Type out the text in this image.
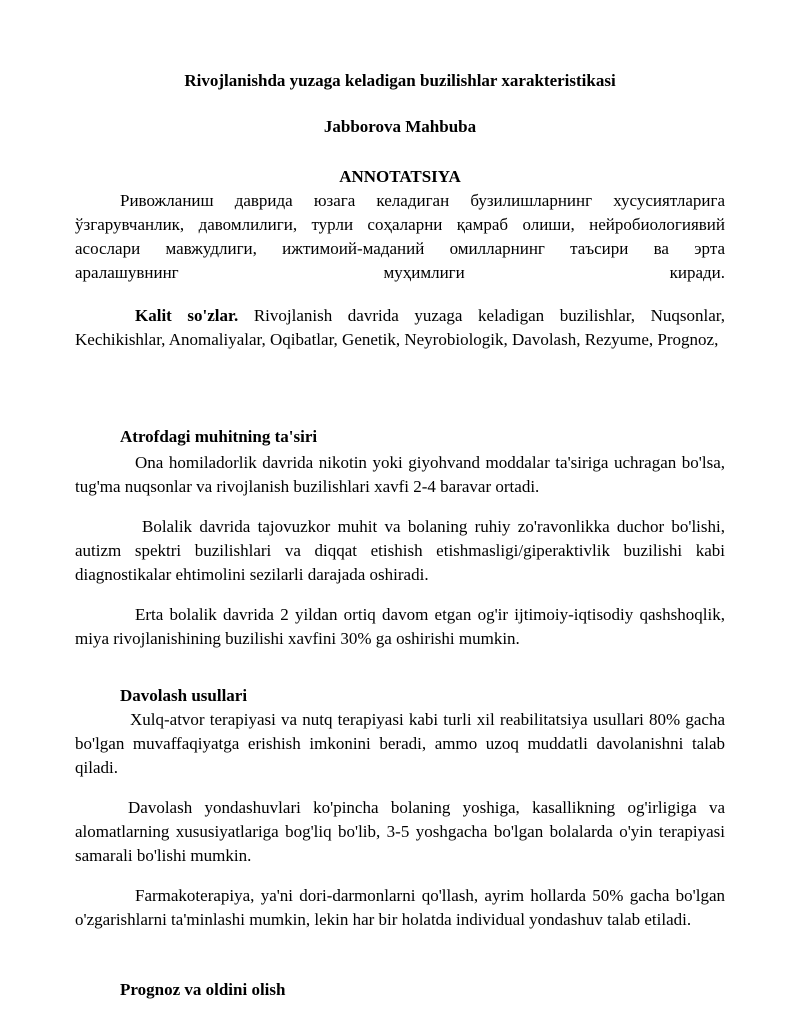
Rivojlanishda yuzaga keladigan buzilishlar xarakteristikasi
Jabborova Mahbuba
ANNOTATSIYA
Ривожланиш даврида юзага келадиган бузилишларнинг хусусиятларига ўзгарувчанлик, давомлилиги, турли соҳаларни қамраб олиши, нейробиологиявий асослари мавжудлиги, ижтимоий-маданий омилларнинг таъсири ва эрта
аралашувнинг муҳимлиги киради.
Kalit so'zlar. Rivojlanish davrida yuzaga keladigan buzilishlar, Nuqsonlar, Kechikishlar, Anomaliyalar, Oqibatlar, Genetik, Neyrobiologik, Davolash, Rezyume, Prognoz,
Atrofdagi muhitning ta'siri
Ona homiladorlik davrida nikotin yoki giyohvand moddalar ta'siriga uchragan bo'lsa, tug'ma nuqsonlar va rivojlanish buzilishlari xavfi 2-4 baravar ortadi.
Bolalik davrida tajovuzkor muhit va bolaning ruhiy zo'ravonlikka duchor bo'lishi, autizm spektri buzilishlari va diqqat etishish etishmasligi/giperaktivlik buzilishi kabi diagnostikalar ehtimolini sezilarli darajada oshiradi.
Erta bolalik davrida 2 yildan ortiq davom etgan og'ir ijtimoiy-iqtisodiy qashshoqlik, miya rivojlanishining buzilishi xavfini 30% ga oshirishi mumkin.
Davolash usullari
Xulq-atvor terapiyasi va nutq terapiyasi kabi turli xil reabilitatsiya usullari 80% gacha bo'lgan muvaffaqiyatga erishish imkonini beradi, ammo uzoq muddatli davolanishni talab qiladi.
Davolash yondashuvlari ko'pincha bolaning yoshiga, kasallikning og'irligiga va alomatlarning xususiyatlariga bog'liq bo'lib, 3-5 yoshgacha bo'lgan bolalarda o'yin terapiyasi samarali bo'lishi mumkin.
Farmakoterapiya, ya'ni dori-darmonlarni qo'llash, ayrim hollarda 50% gacha bo'lgan o'zgarishlarni ta'minlashi mumkin, lekin har bir holatda individual yondashuv talab etiladi.
Prognoz va oldini olish
